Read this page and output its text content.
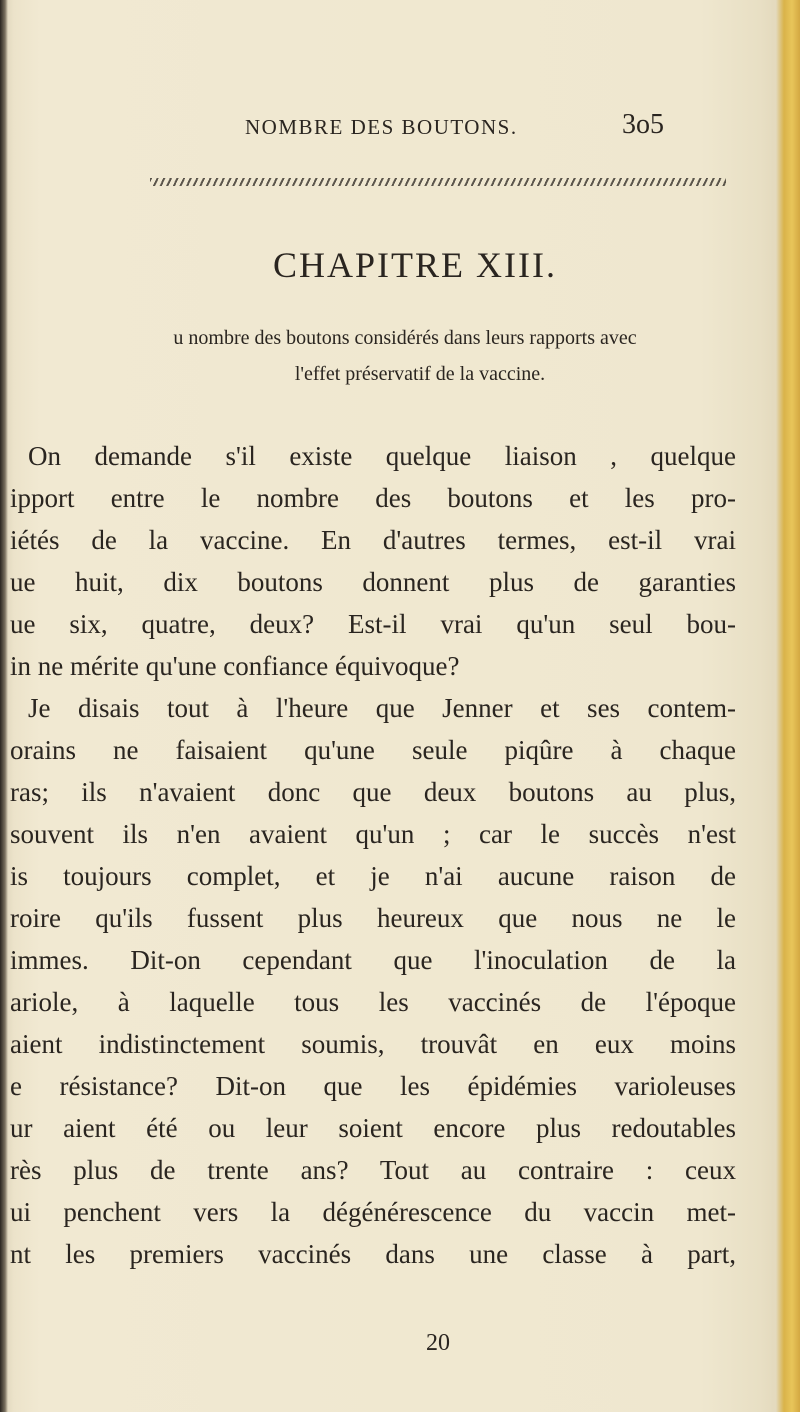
NOMBRE DES BOUTONS.	3o5
CHAPITRE XIII.
u nombre des boutons considérés dans leurs rapports avec
l'effet préservatif de la vaccine.
On demande s'il existe quelque liaison , quelque
ipport entre le nombre des boutons et les pro-
iétés de la vaccine. En d'autres termes, est-il vrai
ue huit, dix boutons donnent plus de garanties
ue six, quatre, deux? Est-il vrai qu'un seul bou-
in ne mérite qu'une confiance équivoque?
Je disais tout à l'heure que Jenner et ses contem-
orains ne faisaient qu'une seule piqûre à chaque
ras; ils n'avaient donc que deux boutons au plus,
souvent ils n'en avaient qu'un ; car le succès n'est
is toujours complet, et je n'ai aucune raison de
roire qu'ils fussent plus heureux que nous ne le
immes. Dit-on cependant que l'inoculation de la
ariole, à laquelle tous les vaccinés de l'époque
aient indistinctement soumis, trouvât en eux moins
e résistance? Dit-on que les épidémies varioleuses
ur aient été ou leur soient encore plus redoutables
rès plus de trente ans? Tout au contraire : ceux
ui penchent vers la dégénérescence du vaccin met-
nt les premiers vaccinés dans une classe à part,
20
